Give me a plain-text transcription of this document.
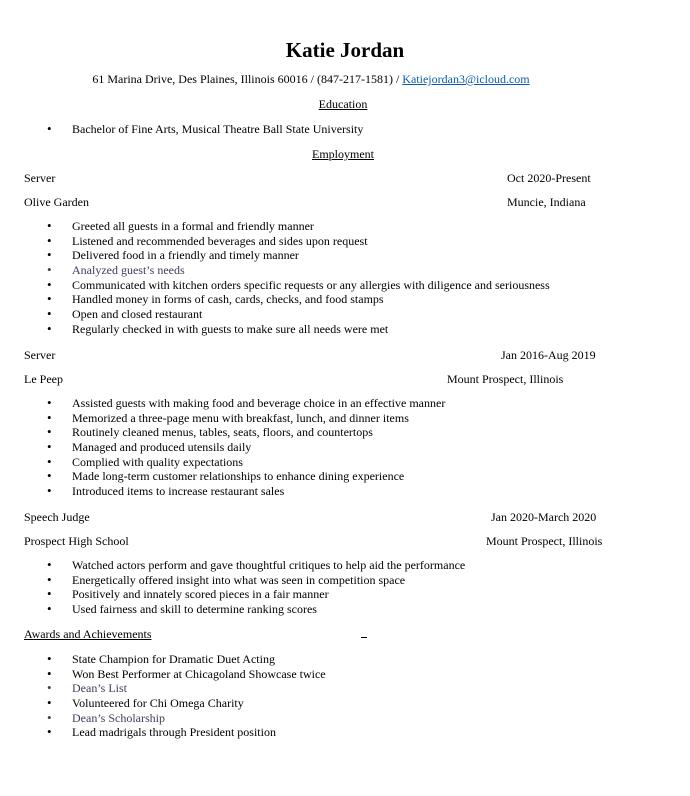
Katie Jordan
61 Marina Drive, Des Plaines, Illinois 60016 / (847-217-1581) / Katiejordan3@icloud.com
Education
• Bachelor of Fine Arts, Musical Theatre Ball State University
Employment
Server	Oct 2020-Present
Olive Garden	Muncie, Indiana
• Greeted all guests in a formal and friendly manner
• Listened and recommended beverages and sides upon request
• Delivered food in a friendly and timely manner
• Analyzed guest’s needs
• Communicated with kitchen orders specific requests or any allergies with diligence and seriousness
• Handled money in forms of cash, cards, checks, and food stamps
• Open and closed restaurant
• Regularly checked in with guests to make sure all needs were met
Server	Jan 2016-Aug 2019
Le Peep	Mount Prospect, Illinois
• Assisted guests with making food and beverage choice in an effective manner
• Memorized a three-page menu with breakfast, lunch, and dinner items
• Routinely cleaned menus, tables, seats, floors, and countertops
• Managed and produced utensils daily
• Complied with quality expectations
• Made long-term customer relationships to enhance dining experience
• Introduced items to increase restaurant sales
Speech Judge	Jan 2020-March 2020
Prospect High School	Mount Prospect, Illinois
• Watched actors perform and gave thoughtful critiques to help aid the performance
• Energetically offered insight into what was seen in competition space
• Positively and innately scored pieces in a fair manner
• Used fairness and skill to determine ranking scores
Awards and Achievements
• State Champion for Dramatic Duet Acting
• Won Best Performer at Chicagoland Showcase twice
• Dean’s List
• Volunteered for Chi Omega Charity
• Dean’s Scholarship
• Lead madrigals through President position
